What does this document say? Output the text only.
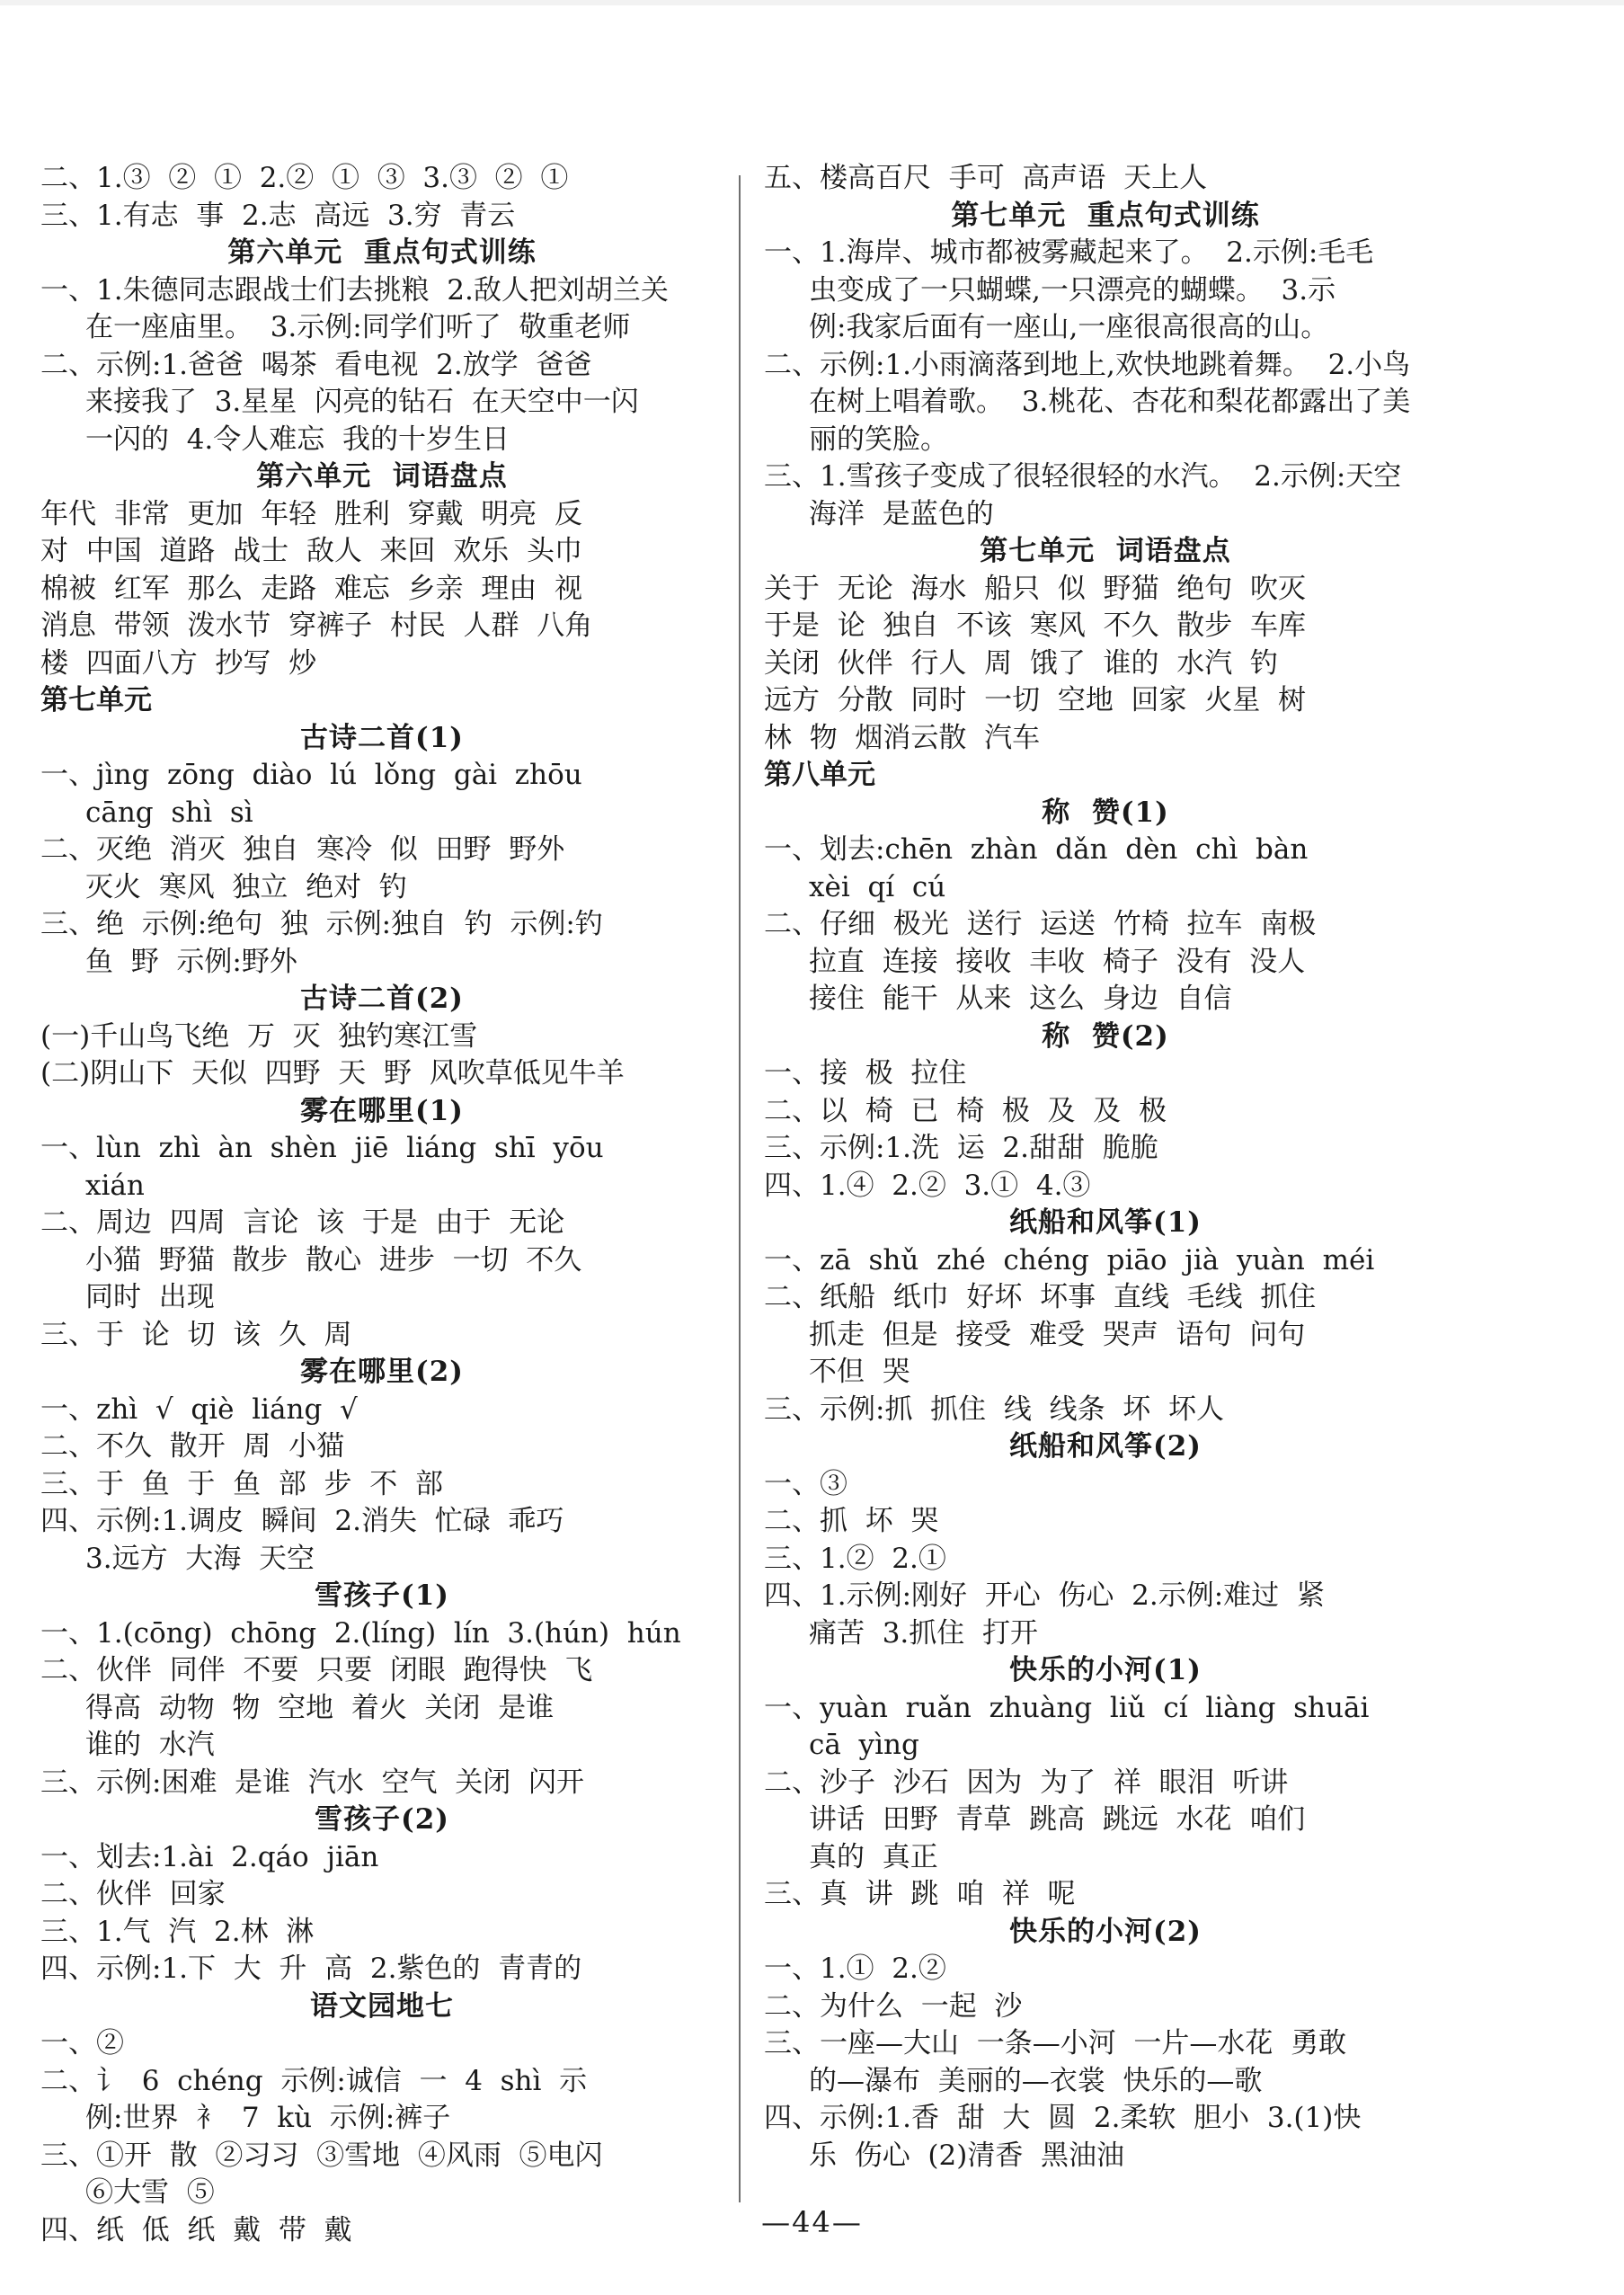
二、1.③  ②  ①  2.②  ①  ③  3.③  ②  ①
三、1.有志  事  2.志  高远  3.穷  青云
第六单元  重点句式训练
一、1.朱德同志跟战士们去挑粮  2.敌人把刘胡兰关
在一座庙里。  3.示例:同学们听了  敬重老师
二、示例:1.爸爸  喝茶  看电视  2.放学  爸爸
来接我了  3.星星  闪亮的钻石  在天空中一闪
一闪的  4.令人难忘  我的十岁生日
第六单元  词语盘点
年代  非常  更加  年轻  胜利  穿戴  明亮  反
对  中国  道路  战士  敌人  来回  欢乐  头巾
棉被  红军  那么  走路  难忘  乡亲  理由  视
消息  带领  泼水节  穿裤子  村民  人群  八角
楼  四面八方  抄写  炒
第七单元
古诗二首(1)
一、jìng  zōng  diào  lú  lǒng  gài  zhōu
cāng  shì  sì
二、灭绝  消灭  独自  寒冷  似  田野  野外
灭火  寒风  独立  绝对  钓
三、绝  示例:绝句  独  示例:独自  钓  示例:钓
鱼  野  示例:野外
古诗二首(2)
(一)千山鸟飞绝  万  灭  独钓寒江雪
(二)阴山下  天似  四野  天  野  风吹草低见牛羊
雾在哪里(1)
一、lùn  zhì  àn  shèn  jiē  liáng  shī  yōu
xián
二、周边  四周  言论  该  于是  由于  无论
小猫  野猫  散步  散心  进步  一切  不久
同时  出现
三、于  论  切  该  久  周
雾在哪里(2)
一、zhì  √  qiè  liáng  √
二、不久  散开  周  小猫
三、于  鱼  于  鱼  部  步  不  部
四、示例:1.调皮  瞬间  2.消失  忙碌  乖巧
3.远方  大海  天空
雪孩子(1)
一、1.(cōng)  chōng  2.(líng)  lín  3.(hún)  hún
二、伙伴  同伴  不要  只要  闭眼  跑得快  飞
得高  动物  物  空地  着火  关闭  是谁
谁的  水汽
三、示例:困难  是谁  汽水  空气  关闭  闪开
雪孩子(2)
一、划去:1.ài  2.qáo  jiān
二、伙伴  回家
三、1.气  汽  2.林  淋
四、示例:1.下  大  升  高  2.紫色的  青青的
语文园地七
一、②
二、讠  6  chéng  示例:诚信  一  4  shì  示
例:世界  衤  7  kù  示例:裤子
三、①开  散  ②习习  ③雪地  ④风雨  ⑤电闪
⑥大雪  ⑤
四、纸  低  纸  戴  带  戴
五、楼高百尺  手可  高声语  天上人
第七单元  重点句式训练
一、1.海岸、城市都被雾藏起来了。  2.示例:毛毛
虫变成了一只蝴蝶,一只漂亮的蝴蝶。  3.示
例:我家后面有一座山,一座很高很高的山。
二、示例:1.小雨滴落到地上,欢快地跳着舞。  2.小鸟
在树上唱着歌。  3.桃花、杏花和梨花都露出了美
丽的笑脸。
三、1.雪孩子变成了很轻很轻的水汽。  2.示例:天空
海洋  是蓝色的
第七单元  词语盘点
关于  无论  海水  船只  似  野猫  绝句  吹灭
于是  论  独自  不该  寒风  不久  散步  车库
关闭  伙伴  行人  周  饿了  谁的  水汽  钓
远方  分散  同时  一切  空地  回家  火星  树
林  物  烟消云散  汽车
第八单元
称  赞(1)
一、划去:chēn  zhàn  dǎn  dèn  chì  bàn
xèi  qí  cú
二、仔细  极光  送行  运送  竹椅  拉车  南极
拉直  连接  接收  丰收  椅子  没有  没人
接住  能干  从来  这么  身边  自信
称  赞(2)
一、接  极  拉住
二、以  椅  已  椅  极  及  及  极
三、示例:1.洗  运  2.甜甜  脆脆
四、1.④  2.②  3.①  4.③
纸船和风筝(1)
一、zā  shǔ  zhé  chéng  piāo  jià  yuàn  méi
二、纸船  纸巾  好坏  坏事  直线  毛线  抓住
抓走  但是  接受  难受  哭声  语句  问句
不但  哭
三、示例:抓  抓住  线  线条  坏  坏人
纸船和风筝(2)
一、③
二、抓  坏  哭
三、1.②  2.①
四、1.示例:刚好  开心  伤心  2.示例:难过  紧
痛苦  3.抓住  打开
快乐的小河(1)
一、yuàn  ruǎn  zhuàng  liǔ  cí  liàng  shuāi
cā  yìng
二、沙子  沙石  因为  为了  祥  眼泪  听讲
讲话  田野  青草  跳高  跳远  水花  咱们
真的  真正
三、真  讲  跳  咱  祥  呢
快乐的小河(2)
一、1.①  2.②
二、为什么  一起  沙
三、一座—大山  一条—小河  一片—水花  勇敢
的—瀑布  美丽的—衣裳  快乐的—歌
四、示例:1.香  甜  大  圆  2.柔软  胆小  3.(1)快
乐  伤心  (2)清香  黑油油
—44—
